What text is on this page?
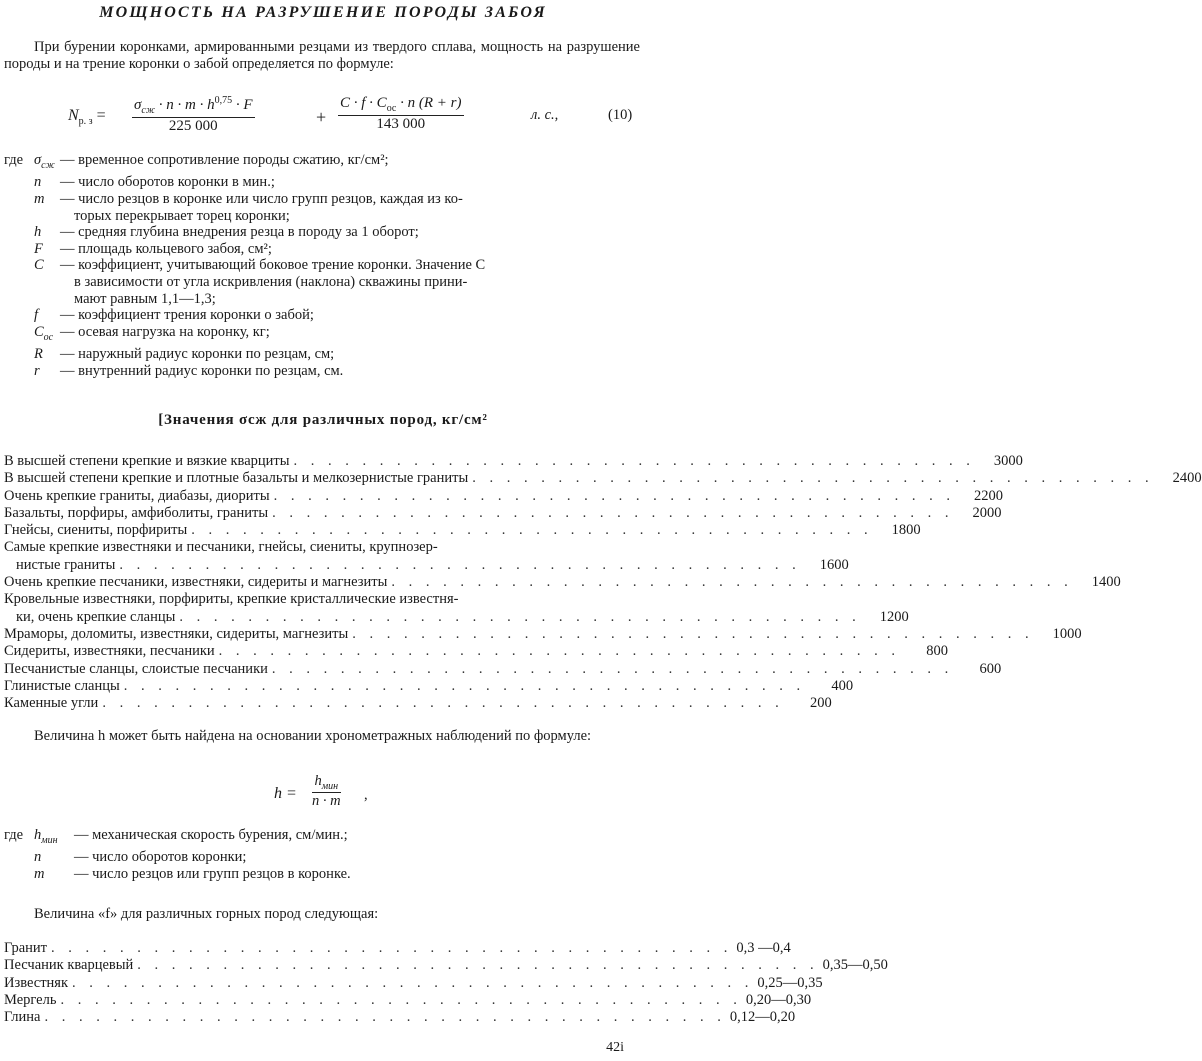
МОЩНОСТЬ НА РАЗРУШЕНИЕ ПОРОДЫ ЗАБОЯ
При бурении коронками, армированными резцами из твердого сплава, мощность на разрушение породы и на трение коронки о забой определяется по формуле:
$N_{р. з}$ =
$\sigma_{сж} \cdot n \cdot m \cdot h^{0,75} \cdot F$
225 000	+
$C \cdot f \cdot C_{ос} \cdot n$ (R + r)
143 000
л. с.,	(10)
где $\sigma_{сж}$ — временное сопротивление породы сжатию, кг/см²;
n	— число оборотов коронки в мин.;
m	— число резцов в коронке или число групп резцов, каждая из ко-
торых перекрывает торец коронки;
h	— средняя глубина внедрения резца в породу за 1 оборот;
F	— площадь кольцевого забоя, см²;
C	— коэффициент, учитывающий боковое трение коронки. Значение C
в зависимости от угла искривления (наклона) скважины прини-
мают равным 1,1—1,3;
f	— коэффициент трения коронки о забой;
$C_{ос}$ — осевая нагрузка на коронку, кг;
R	— наружный радиус коронки по резцам, см;
r	— внутренний радиус коронки по резцам, см.
[Значения σсж для различных пород, кг/см²
В высшей степени крепкие и вязкие кварциты . . . . . . . . . . . . . . . . . . . . . . . . . . . . . . . . . . . . . . . .	3000
В высшей степени крепкие и плотные базальты и мелкозернистые граниты . . . . . . . . . . . . . . . . . . . . . . . . . . . . . . . . . . . . . . . .	2400
Очень крепкие граниты, диабазы, диориты . . . . . . . . . . . . . . . . . . . . . . . . . . . . . . . . . . . . . . . .	2200
Базальты, порфиры, амфиболиты, граниты . . . . . . . . . . . . . . . . . . . . . . . . . . . . . . . . . . . . . . . .	2000
Гнейсы, сиениты, порфириты . . . . . . . . . . . . . . . . . . . . . . . . . . . . . . . . . . . . . . . .	1800
Самые крепкие известняки и песчаники, гнейсы, сиениты, крупнозер-
нистые граниты . . . . . . . . . . . . . . . . . . . . . . . . . . . . . . . . . . . . . . . .	1600
Очень крепкие песчаники, известняки, сидериты и магнезиты . . . . . . . . . . . . . . . . . . . . . . . . . . . . . . . . . . . . . . . .	1400
Кровельные известняки, порфириты, крепкие кристаллические известня-
ки, очень крепкие сланцы . . . . . . . . . . . . . . . . . . . . . . . . . . . . . . . . . . . . . . . .	1200
Мраморы, доломиты, известняки, сидериты, магнезиты . . . . . . . . . . . . . . . . . . . . . . . . . . . . . . . . . . . . . . . .	1000
Сидериты, известняки, песчаники . . . . . . . . . . . . . . . . . . . . . . . . . . . . . . . . . . . . . . . .	800
Песчанистые сланцы, слоистые песчаники . . . . . . . . . . . . . . . . . . . . . . . . . . . . . . . . . . . . . . . .	600
Глинистые сланцы . . . . . . . . . . . . . . . . . . . . . . . . . . . . . . . . . . . . . . . .	400
Каменные угли . . . . . . . . . . . . . . . . . . . . . . . . . . . . . . . . . . . . . . . .	200
Величина h может быть найдена на основании хронометражных наблюдений по формуле:
h =
$h_{мин}$
n · m ,
где $h_{мин}$	— механическая скорость бурения, см/мин.;
n	— число оборотов коронки;
m	— число резцов или групп резцов в коронке.
Величина «f» для различных горных пород следующая:
Гранит . . . . . . . . . . . . . . . . . . . . . . . . . . . . . . . . . . . . . . . . 0,3 —0,4
Песчаник кварцевый . . . . . . . . . . . . . . . . . . . . . . . . . . . . . . . . . . . . . . . . 0,35—0,50
Известняк . . . . . . . . . . . . . . . . . . . . . . . . . . . . . . . . . . . . . . . . 0,25—0,35
Мергель . . . . . . . . . . . . . . . . . . . . . . . . . . . . . . . . . . . . . . . . 0,20—0,30
Глина . . . . . . . . . . . . . . . . . . . . . . . . . . . . . . . . . . . . . . . . 0,12—0,20
42i
